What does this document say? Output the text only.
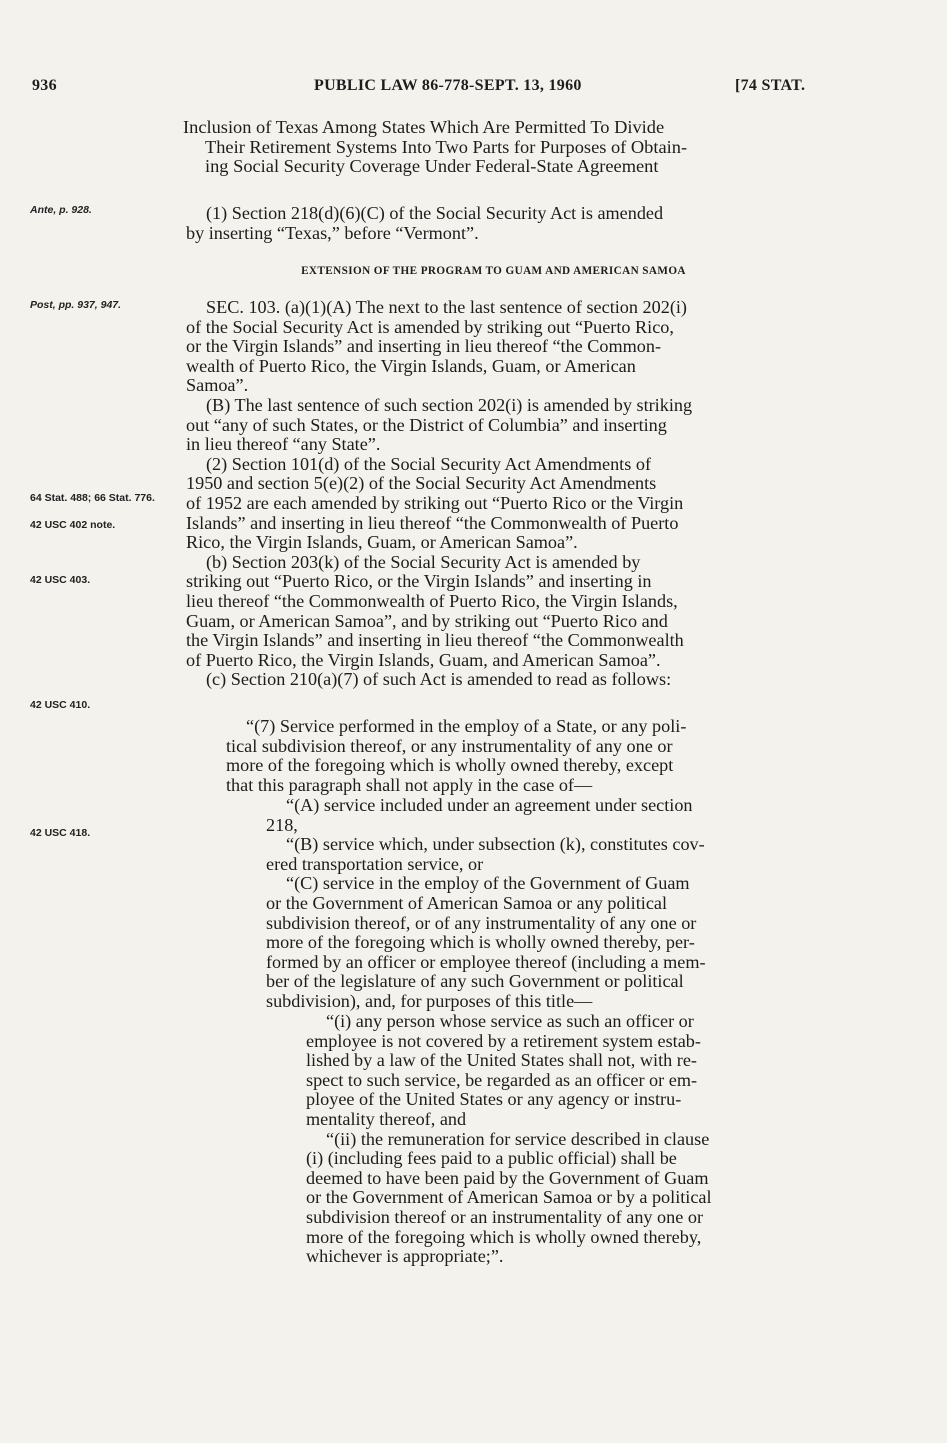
936	PUBLIC LAW 86-778-SEPT. 13, 1960	[74 STAT.
Inclusion of Texas Among States Which Are Permitted To Divide
Their Retirement Systems Into Two Parts for Purposes of Obtain-
ing Social Security Coverage Under Federal-State Agreement
Ante, p. 928.
Post, pp. 937, 947.
64 Stat. 488; 66 Stat. 776.
42 USC 402 note.
42 USC 403.
42 USC 410.
42 USC 418.
(1) Section 218(d)(6)(C) of the Social Security Act is amended
by inserting “Texas,” before “Vermont”.
EXTENSION OF THE PROGRAM TO GUAM AND AMERICAN SAMOA
SEC. 103. (a)(1)(A) The next to the last sentence of section 202(i)
of the Social Security Act is amended by striking out “Puerto Rico,
or the Virgin Islands” and inserting in lieu thereof “the Common-
wealth of Puerto Rico, the Virgin Islands, Guam, or American
Samoa”.
(B) The last sentence of such section 202(i) is amended by striking
out “any of such States, or the District of Columbia” and inserting
in lieu thereof “any State”.
(2) Section 101(d) of the Social Security Act Amendments of
1950 and section 5(e)(2) of the Social Security Act Amendments
of 1952 are each amended by striking out “Puerto Rico or the Virgin
Islands” and inserting in lieu thereof “the Commonwealth of Puerto
Rico, the Virgin Islands, Guam, or American Samoa”.
(b) Section 203(k) of the Social Security Act is amended by
striking out “Puerto Rico, or the Virgin Islands” and inserting in
lieu thereof “the Commonwealth of Puerto Rico, the Virgin Islands,
Guam, or American Samoa”, and by striking out “Puerto Rico and
the Virgin Islands” and inserting in lieu thereof “the Commonwealth
of Puerto Rico, the Virgin Islands, Guam, and American Samoa”.
(c) Section 210(a)(7) of such Act is amended to read as follows:
“(7) Service performed in the employ of a State, or any poli-
tical subdivision thereof, or any instrumentality of any one or
more of the foregoing which is wholly owned thereby, except
that this paragraph shall not apply in the case of—
“(A) service included under an agreement under section
218,
“(B) service which, under subsection (k), constitutes cov-
ered transportation service, or
“(C) service in the employ of the Government of Guam
or the Government of American Samoa or any political
subdivision thereof, or of any instrumentality of any one or
more of the foregoing which is wholly owned thereby, per-
formed by an officer or employee thereof (including a mem-
ber of the legislature of any such Government or political
subdivision), and, for purposes of this title—
“(i) any person whose service as such an officer or
employee is not covered by a retirement system estab-
lished by a law of the United States shall not, with re-
spect to such service, be regarded as an officer or em-
ployee of the United States or any agency or instru-
mentality thereof, and
“(ii) the remuneration for service described in clause
(i) (including fees paid to a public official) shall be
deemed to have been paid by the Government of Guam
or the Government of American Samoa or by a political
subdivision thereof or an instrumentality of any one or
more of the foregoing which is wholly owned thereby,
whichever is appropriate;”.
